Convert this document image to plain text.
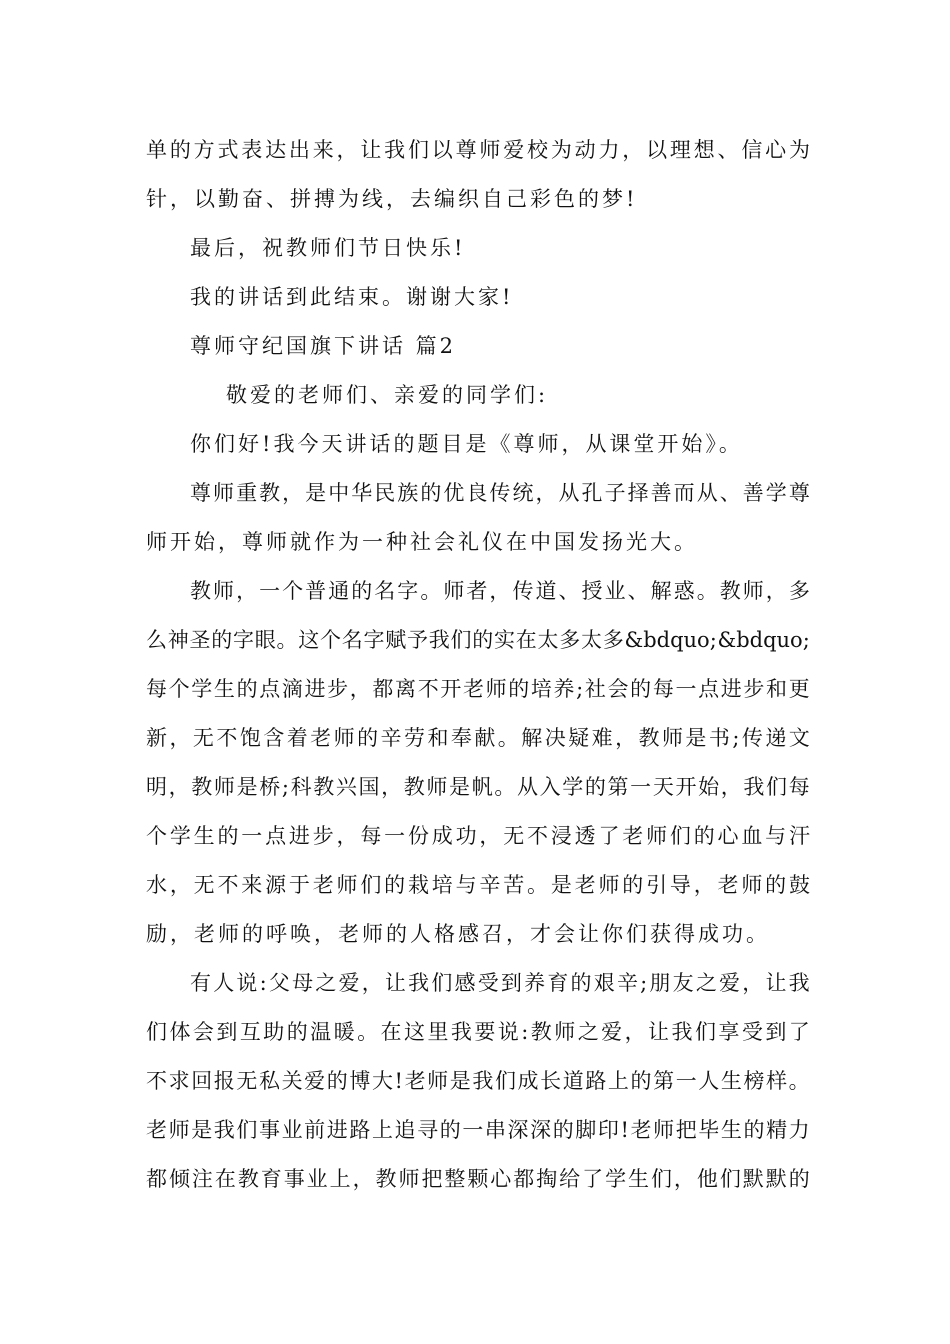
单 的 方 式 表 达 出 来 ， 让 我 们 以 尊 师 爱 校 为 动 力 ， 以 理 想 、 信 心 为
针，以勤奋、拼搏为线，去编织自己彩色的梦!
最后，祝教师们节日快乐!
我的讲话到此结束。谢谢大家!
尊师守纪国旗下讲话 篇2
敬爱的老师们、亲爱的同学们:
你们好!我今天讲话的题目是《尊师，从课堂开始》。
尊 师 重 教 ， 是 中 华 民 族 的 优 良 传 统 ， 从 孔 子 择 善 而 从 、 善 学 尊
师开始，尊师就作为一种社会礼仪在中国发扬光大。
教 师 ， 一 个 普 通 的 名 字 。 师 者 ， 传 道 、 授 业 、 解 惑 。 教 师 ， 多
么 神 圣 的 字 眼 。 这 个 名 字 赋 予 我 们 的 实 在 太 多 太 多 &bdquo; &bdquo;
每 个 学 生 的 点 滴 进 步 ， 都 离 不 开 老 师 的 培 养 ; 社 会 的 每 一 点 进 步 和 更
新 ， 无 不 饱 含 着 老 师 的 辛 劳 和 奉 献 。 解 决 疑 难 ， 教 师 是 书 ; 传 递 文
明 ， 教 师 是 桥 ; 科 教 兴 国 ， 教 师 是 帆 。 从 入 学 的 第 一 天 开 始 ， 我 们 每
个 学 生 的 一 点 进 步 ， 每 一 份 成 功 ， 无 不 浸 透 了 老 师 们 的 心 血 与 汗
水 ， 无 不 来 源 于 老 师 们 的 栽 培 与 辛 苦 。 是 老 师 的 引 导 ， 老 师 的 鼓
励，老师的呼唤，老师的人格感召，才会让你们获得成功。
有 人 说 : 父 母 之 爱 ， 让 我 们 感 受 到 养 育 的 艰 辛 ; 朋 友 之 爱 ， 让 我
们 体 会 到 互 助 的 温 暖 。 在 这 里 我 要 说 : 教 师 之 爱 ， 让 我 们 享 受 到 了
不 求 回 报 无 私 关 爱 的 博 大 ! 老 师 是 我 们 成 长 道 路 上 的 第 一 人 生 榜 样 。
老 师 是 我 们 事 业 前 进 路 上 追 寻 的 一 串 深 深 的 脚 印 ! 老 师 把 毕 生 的 精 力
都 倾 注 在 教 育 事 业 上 ， 教 师 把 整 颗 心 都 掏 给 了 学 生 们 ， 他 们 默 默 的
